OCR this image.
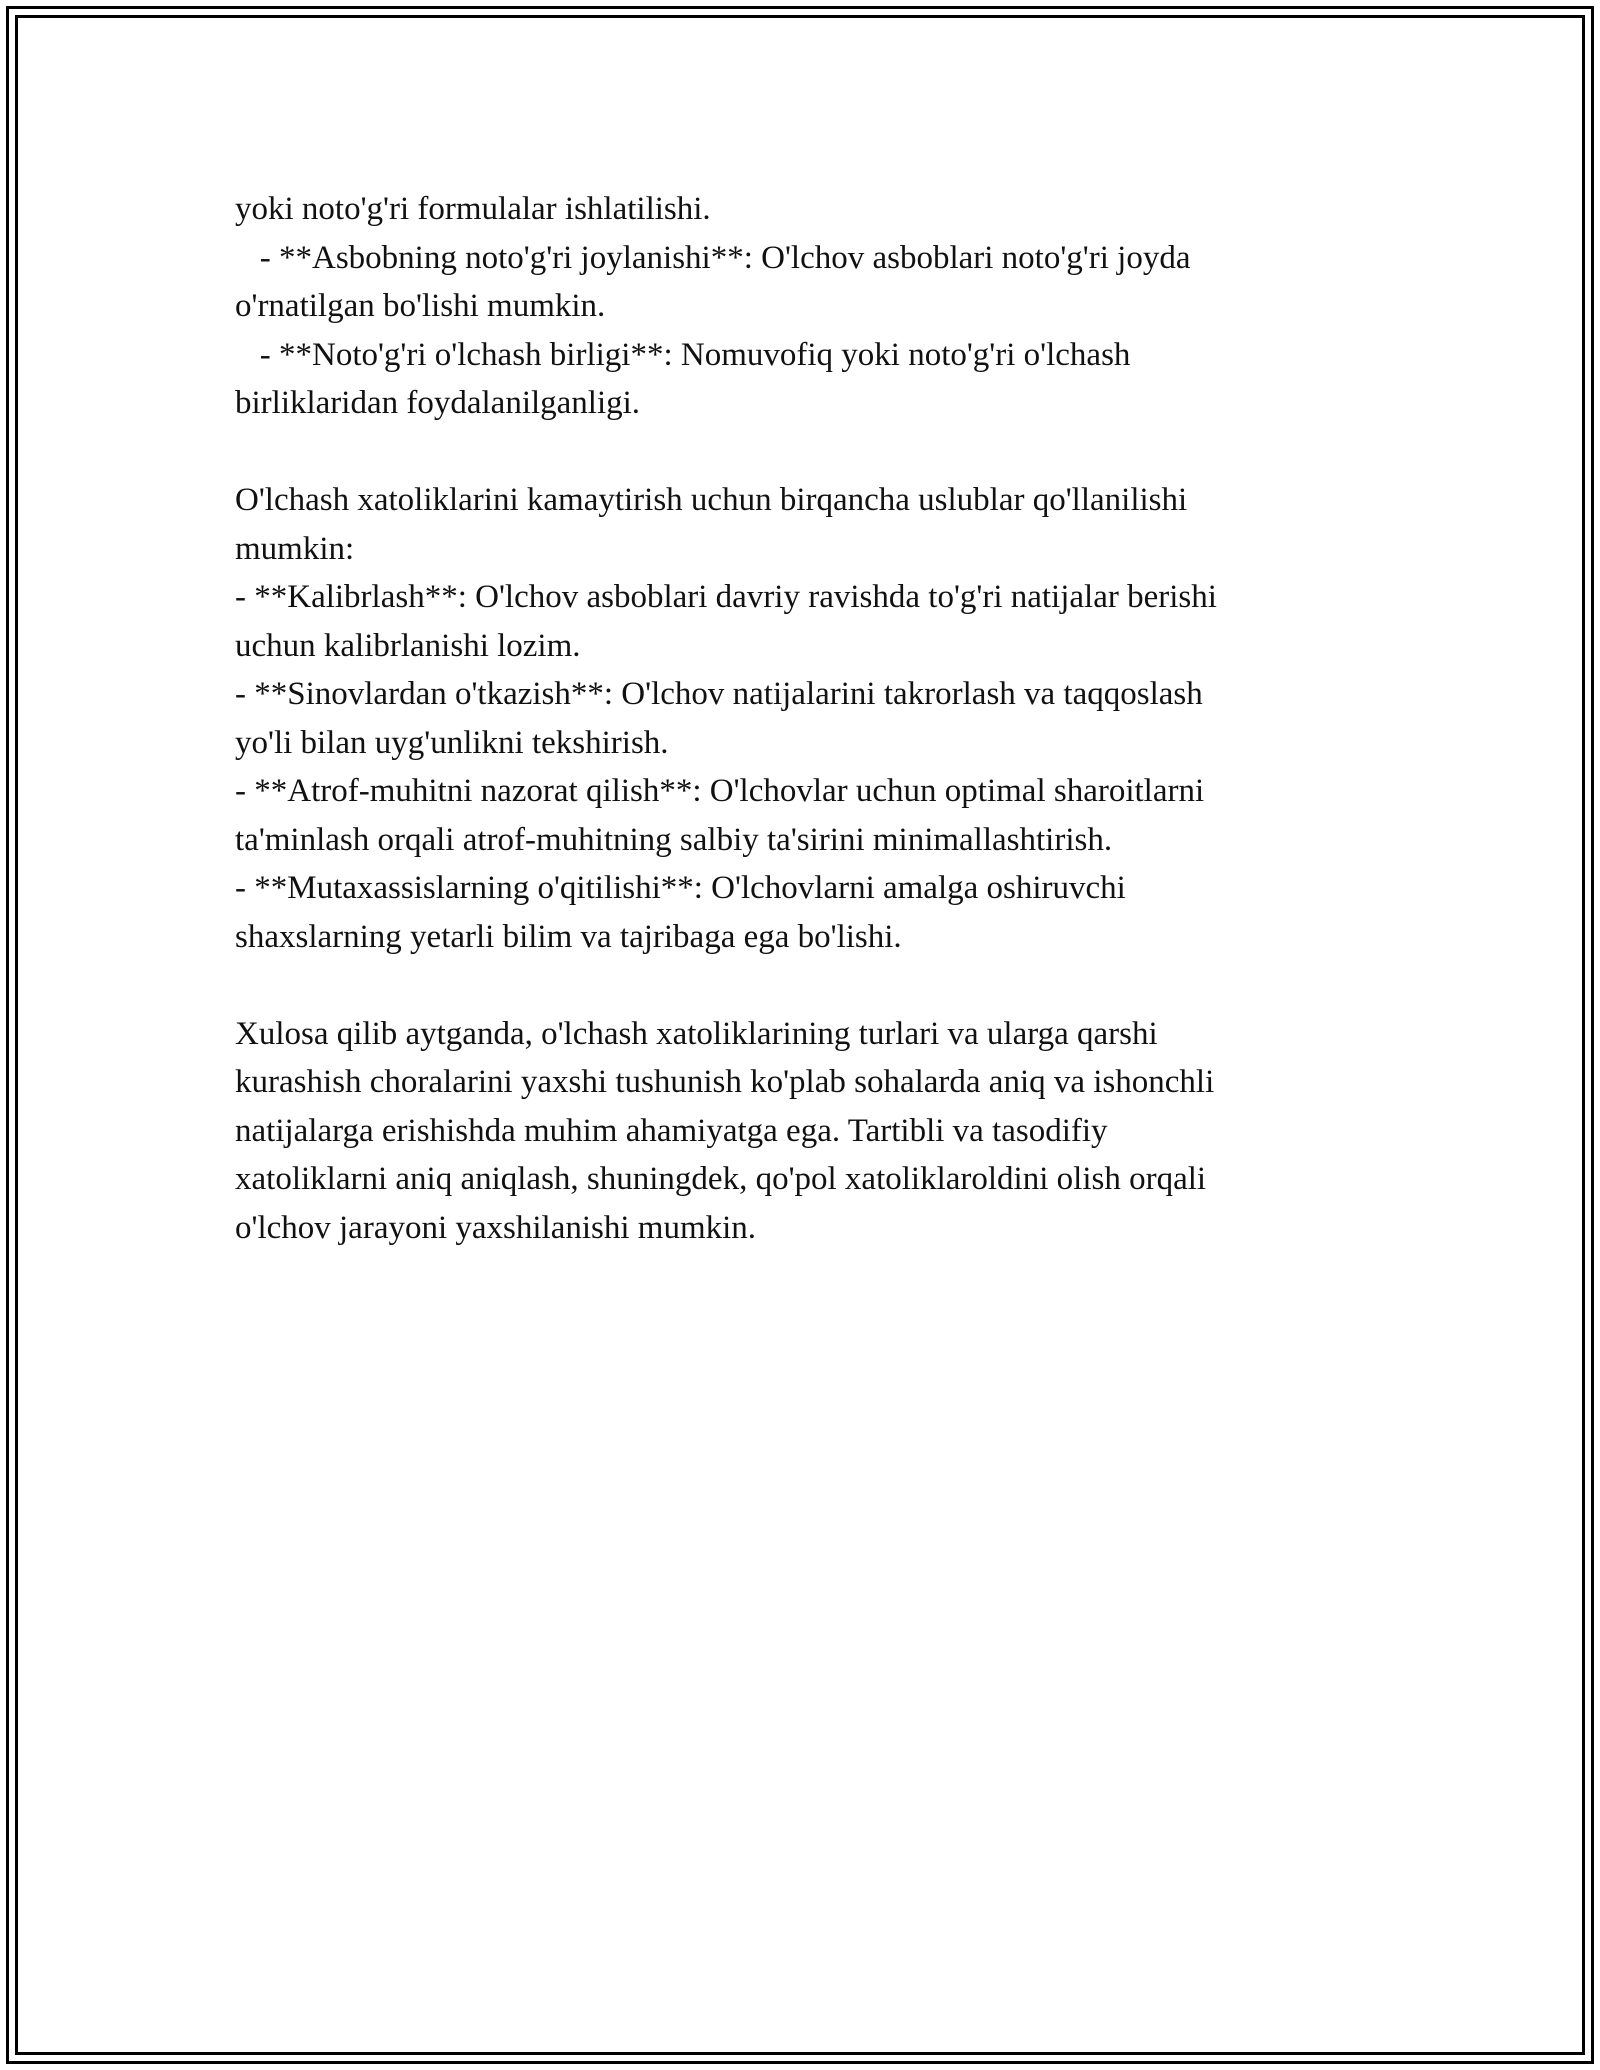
yoki noto'g'ri formulalar ishlatilishi.
- **Asbobning noto'g'ri joylanishi**: O'lchov asboblari noto'g'ri joyda
o'rnatilgan bo'lishi mumkin.
- **Noto'g'ri o'lchash birligi**: Nomuvofiq yoki noto'g'ri o'lchash
birliklaridan foydalanilganligi.
O'lchash xatoliklarini kamaytirish uchun birqancha uslublar qo'llanilishi
mumkin:
- **Kalibrlash**: O'lchov asboblari davriy ravishda to'g'ri natijalar berishi
uchun kalibrlanishi lozim.
- **Sinovlardan o'tkazish**: O'lchov natijalarini takrorlash va taqqoslash
yo'li bilan uyg'unlikni tekshirish.
- **Atrof-muhitni nazorat qilish**: O'lchovlar uchun optimal sharoitlarni
ta'minlash orqali atrof-muhitning salbiy ta'sirini minimallashtirish.
- **Mutaxassislarning o'qitilishi**: O'lchovlarni amalga oshiruvchi
shaxslarning yetarli bilim va tajribaga ega bo'lishi.
Xulosa qilib aytganda, o'lchash xatoliklarining turlari va ularga qarshi
kurashish choralarini yaxshi tushunish ko'plab sohalarda aniq va ishonchli
natijalarga erishishda muhim ahamiyatga ega. Tartibli va tasodifiy
xatoliklarni aniq aniqlash, shuningdek, qo'pol xatoliklaroldini olish orqali
o'lchov jarayoni yaxshilanishi mumkin.
